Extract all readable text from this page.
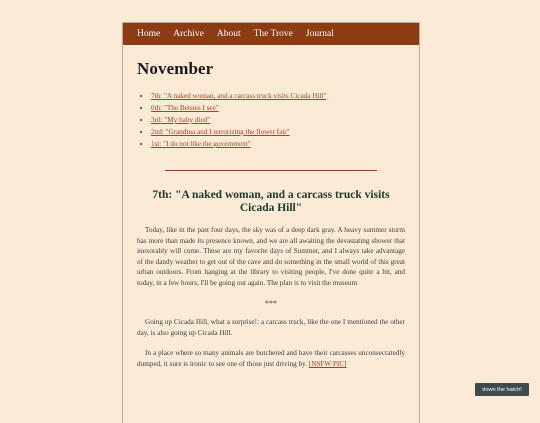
Home Archive About The Trove Journal
November
• 7th: "A naked woman, and a carcass truck visits Cicada Hill"
• 6th: "The Betsies I see"
• 3rd: "My baby died"
• 2nd: "Grandma and I terrorizing the flower fair"
• 1st: "I do not like the government"
7th: "A naked woman, and a carcass truck visits Cicada Hill"

Today, like in the past four days, the sky was of a deep dark gray. A heavy summer storm has more than made its presence known, and we are all awaiting the devastating shower that inexorably will come. These are my favorite days of Summer, and I always take advantage of the dandy weather to get out of the cave and do something in the small world of this great urban outdoors. From hanging at the library to visiting people, I've done quite a bit, and today, in a few hours, I'll be going out again. The plan is to visit the museum

***

Going up Cicada Hill, what a surprise!: a carcass truck, like the one I mentioned the other day, is also going up Cicada Hill.

In a place where so many animals are butchered and have their carcasses unconsecratedly dumped, it sure is ironic to see one of those just driving by. [NSFW PIC]

down the hatch!
